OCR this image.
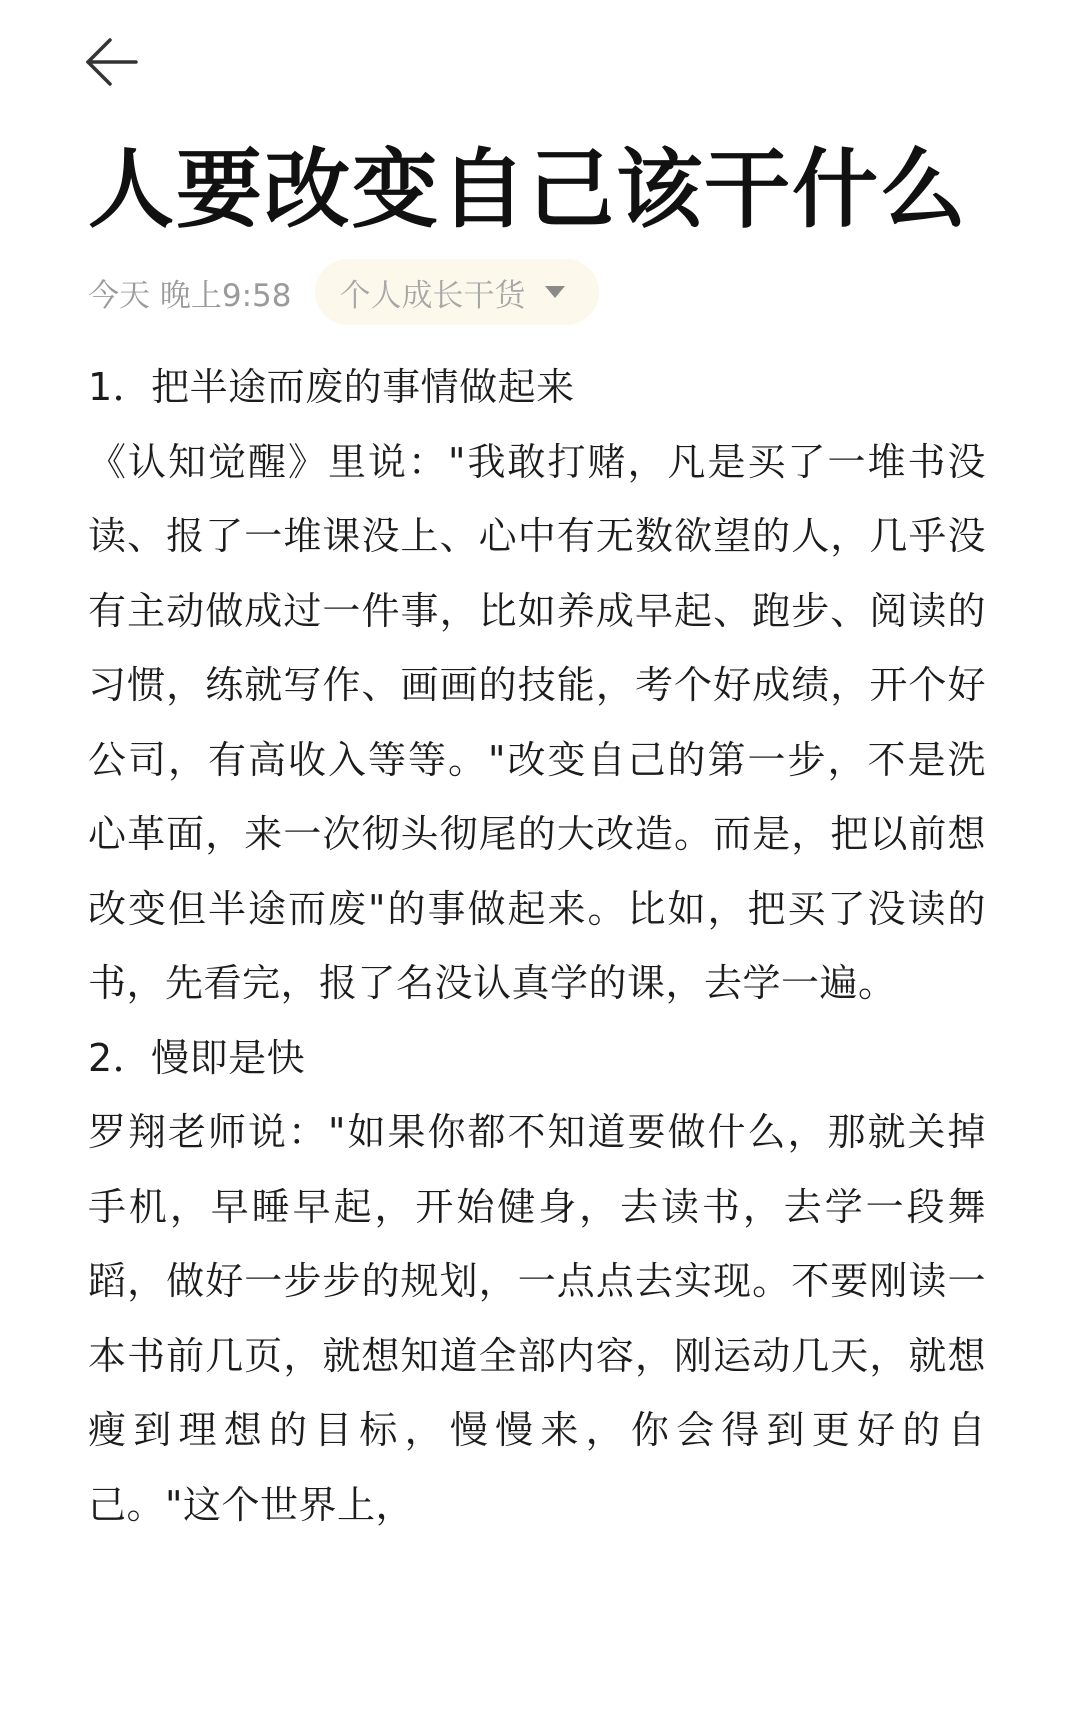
人要改变自己该干什么
今天 晚上9:58 个人成长干货

1．把半途而废的事情做起来

《认知觉醒》里说："我敢打赌，凡是买了一堆书没读、报了一堆课没上、心中有无数欲望的人，几乎没有主动做成过一件事，比如养成早起、跑步、阅读的习惯，练就写作、画画的技能，考个好成绩，开个好公司，有高收入等等。"改变自己的第一步，不是洗心革面，来一次彻头彻尾的大改造。而是，把以前想改变但半途而废"的事做起来。比如，把买了没读的书，先看完，报了名没认真学的课，去学一遍。

2．慢即是快

罗翔老师说："如果你都不知道要做什么，那就关掉手机，早睡早起，开始健身，去读书，去学一段舞蹈，做好一步步的规划，一点点去实现。不要刚读一本书前几页，就想知道全部内容，刚运动几天，就想瘦到理想的目标，慢慢来，你会得到更好的自己。"这个世界上，
